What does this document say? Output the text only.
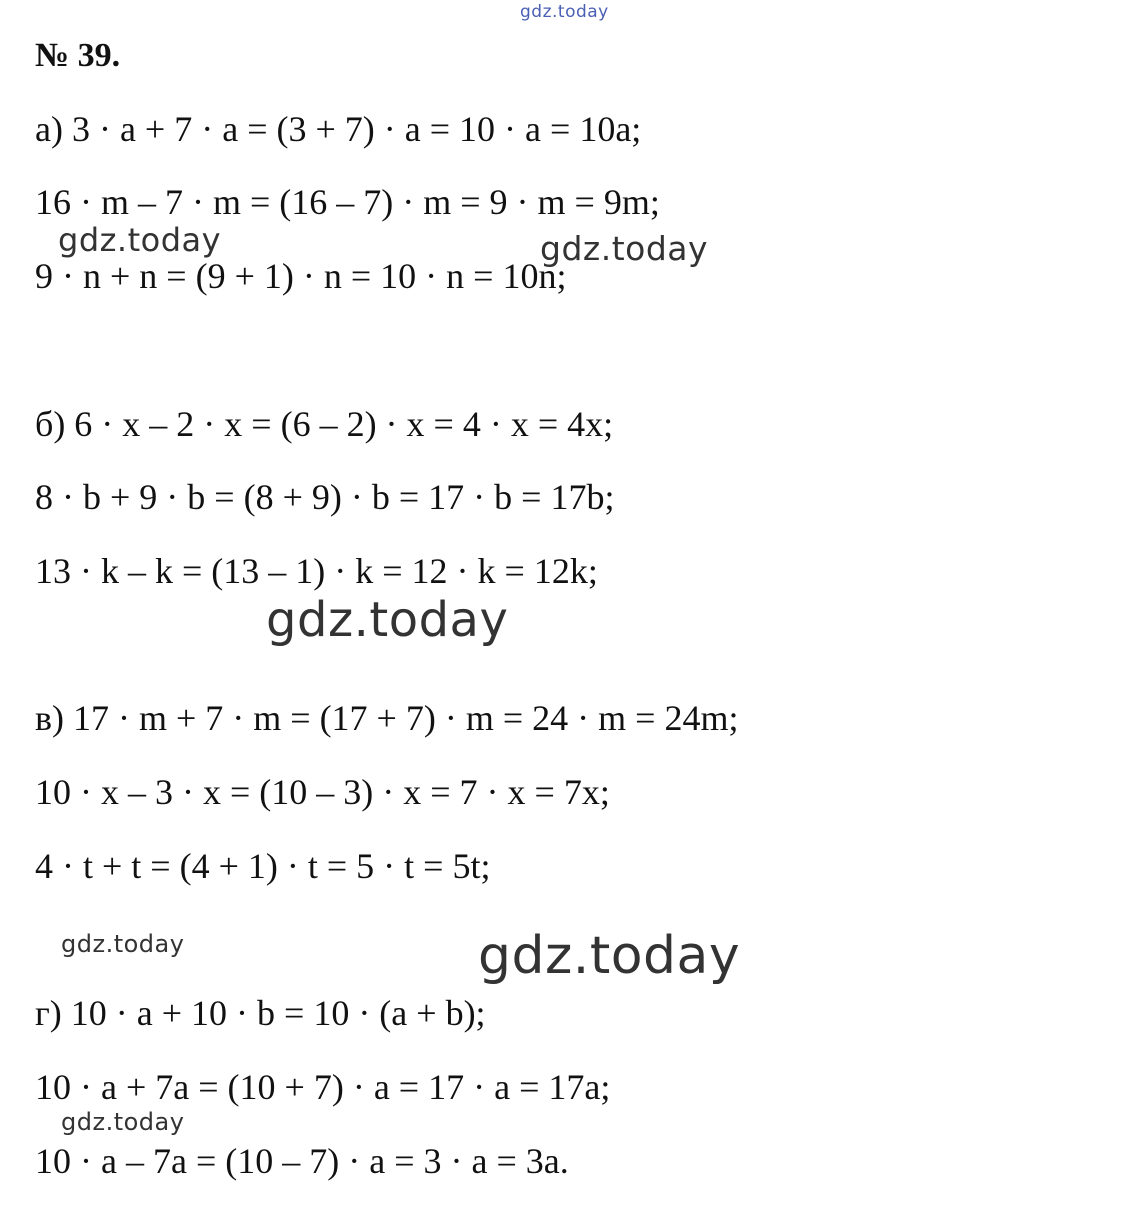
№ 39.
а) 3 · a + 7 · a = (3 + 7) · a = 10 · a = 10a;
16 · m – 7 · m = (16 – 7) · m = 9 · m = 9m;
9 · n + n = (9 + 1) · n = 10 · n = 10n;
б) 6 · x – 2 · x = (6 – 2) · x = 4 · x = 4x;
8 · b + 9 · b = (8 + 9) · b = 17 · b = 17b;
13 · k – k = (13 – 1) · k = 12 · k = 12k;
в) 17 · m + 7 · m = (17 + 7) · m = 24 · m = 24m;
10 · x – 3 · x = (10 – 3) · x = 7 · x = 7x;
4 · t + t = (4 + 1) · t = 5 · t = 5t;
г) 10 · a + 10 · b = 10 · (a + b);
10 · a + 7a = (10 + 7) · a = 17 · a = 17a;
10 · a – 7a = (10 – 7) · a = 3 · a = 3a.
gdz.today
gdz.today	gdz.today
gdz.today
gdz.today	gdz.today
gdz.today
